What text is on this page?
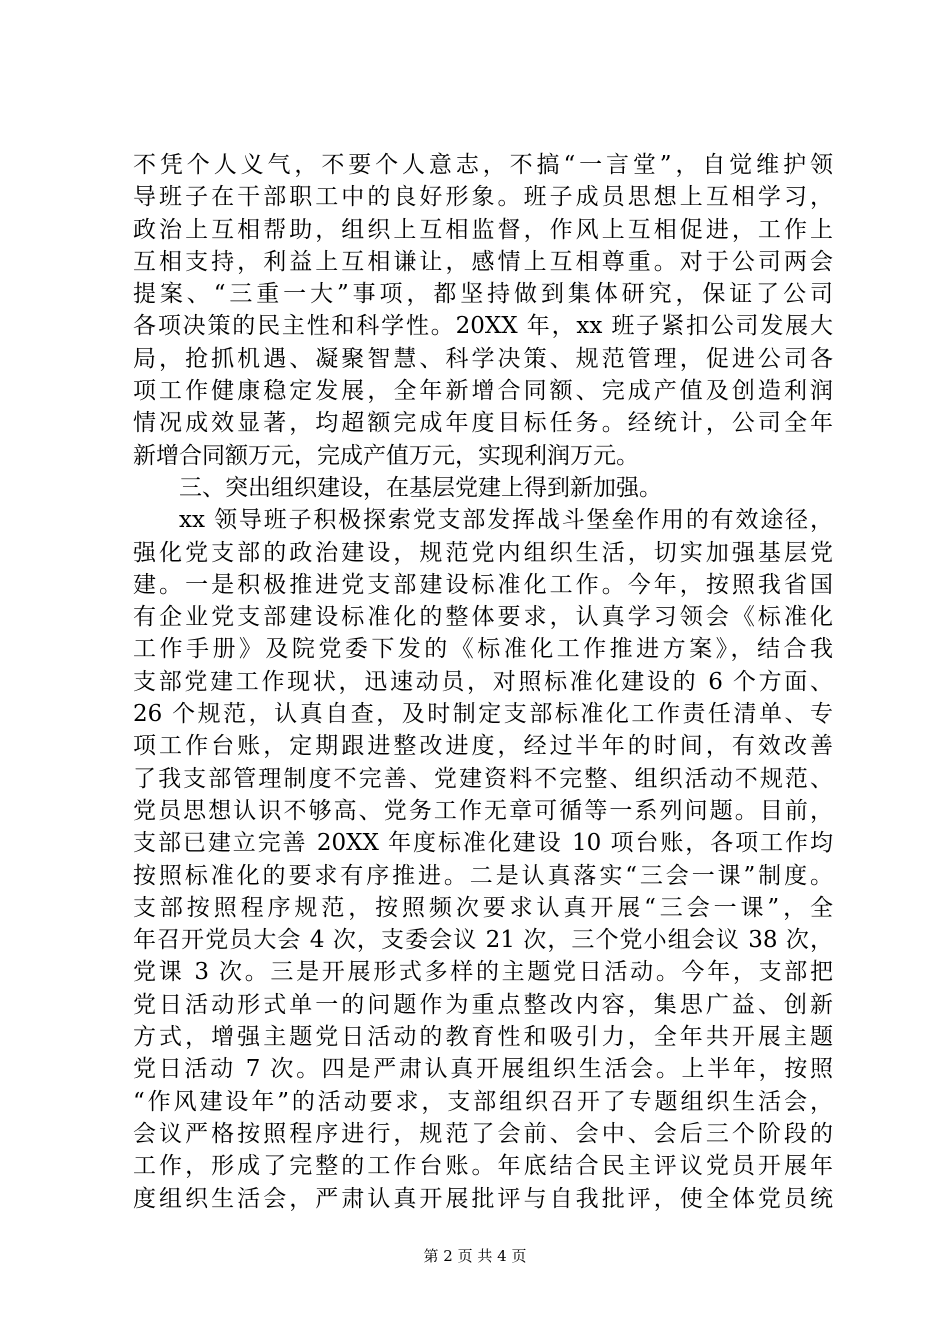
不凭个人义气，不要个人意志，不搞“一言堂”，自觉维护领
导班子在干部职工中的良好形象。班子成员思想上互相学习，
政治上互相帮助，组织上互相监督，作风上互相促进，工作上
互相支持，利益上互相谦让，感情上互相尊重。对于公司两会
提案、“三重一大”事项，都坚持做到集体研究，保证了公司
各项决策的民主性和科学性。20XX 年，xx 班子紧扣公司发展大
局，抢抓机遇、凝聚智慧、科学决策、规范管理，促进公司各
项工作健康稳定发展，全年新增合同额、完成产值及创造利润
情况成效显著，均超额完成年度目标任务。经统计，公司全年
新增合同额万元，完成产值万元，实现利润万元。
三、突出组织建设，在基层党建上得到新加强。
xx 领导班子积极探索党支部发挥战斗堡垒作用的有效途径，
强化党支部的政治建设，规范党内组织生活，切实加强基层党
建。一是积极推进党支部建设标准化工作。今年，按照我省国
有企业党支部建设标准化的整体要求，认真学习领会《标准化
工作手册》及院党委下发的《标准化工作推进方案》，结合我
支部党建工作现状，迅速动员，对照标准化建设的 6 个方面、
26 个规范，认真自查，及时制定支部标准化工作责任清单、专
项工作台账，定期跟进整改进度，经过半年的时间，有效改善
了我支部管理制度不完善、党建资料不完整、组织活动不规范、
党员思想认识不够高、党务工作无章可循等一系列问题。目前，
支部已建立完善 20XX 年度标准化建设 10 项台账，各项工作均
按照标准化的要求有序推进。二是认真落实“三会一课”制度。
支部按照程序规范，按照频次要求认真开展“三会一课”，全
年召开党员大会 4 次，支委会议 21 次，三个党小组会议 38 次，
党课 3 次。三是开展形式多样的主题党日活动。今年，支部把
党日活动形式单一的问题作为重点整改内容，集思广益、创新
方式，增强主题党日活动的教育性和吸引力，全年共开展主题
党日活动 7 次。四是严肃认真开展组织生活会。上半年，按照
“作风建设年”的活动要求，支部组织召开了专题组织生活会，
会议严格按照程序进行，规范了会前、会中、会后三个阶段的
工作，形成了完整的工作台账。年底结合民主评议党员开展年
度组织生活会，严肃认真开展批评与自我批评，使全体党员统
第 2 页 共 4 页
